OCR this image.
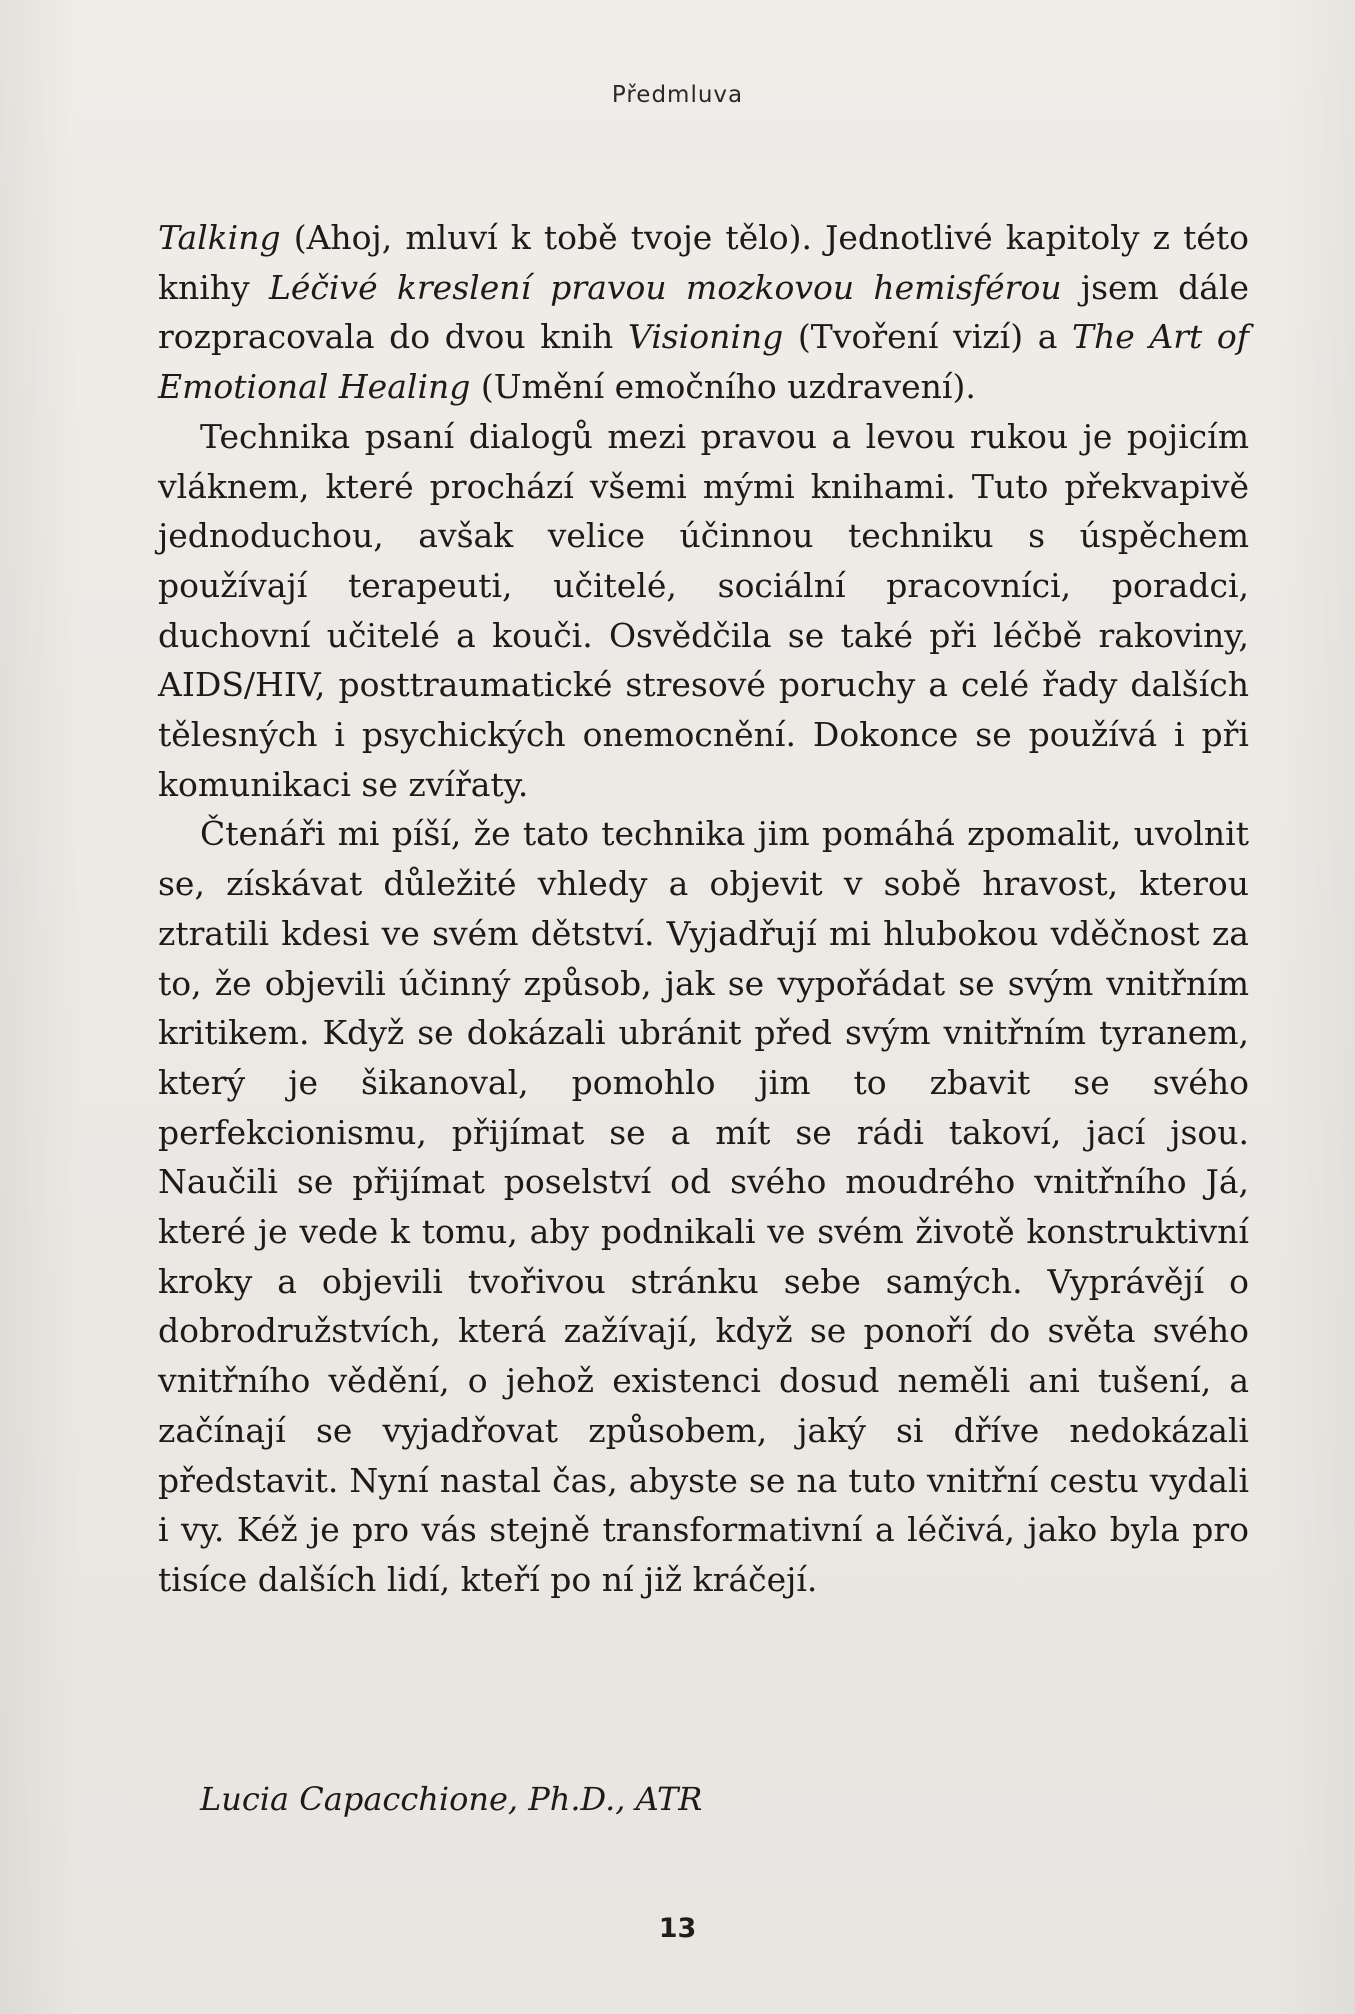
Předmluva

Talking (Ahoj, mluví k tobě tvoje tělo). Jednotlivé kapitoly z této knihy Léčivé kreslení pravou mozkovou hemisférou jsem dále rozpracovala do dvou knih Visioning (Tvoření vizí) a The Art of Emotional Healing (Umění emočního uzdravení).

Technika psaní dialogů mezi pravou a levou rukou je pojicím vláknem, které prochází všemi mými knihami. Tuto překvapivě jednoduchou, avšak velice účinnou techniku s úspěchem používají terapeuti, učitelé, sociální pracovníci, poradci, duchovní učitelé a kouči. Osvědčila se také při léčbě rakoviny, AIDS/HIV, posttraumatické stresové poruchy a celé řady dalších tělesných i psychických onemocnění. Dokonce se používá i při komunikaci se zvířaty.

Čtenáři mi píší, že tato technika jim pomáhá zpomalit, uvolnit se, získávat důležité vhledy a objevit v sobě hravost, kterou ztratili kdesi ve svém dětství. Vyjadřují mi hlubokou vděčnost za to, že objevili účinný způsob, jak se vypořádat se svým vnitřním kritikem. Když se dokázali ubránit před svým vnitřním tyranem, který je šikanoval, pomohlo jim to zbavit se svého perfekcionismu, přijímat se a mít se rádi takoví, jací jsou. Naučili se přijímat poselství od svého moudrého vnitřního Já, které je vede k tomu, aby podnikali ve svém životě konstruktivní kroky a objevili tvořivou stránku sebe samých. Vyprávějí o dobrodružstvích, která zažívají, když se ponoří do světa svého vnitřního vědění, o jehož existenci dosud neměli ani tušení, a začínají se vyjadřovat způsobem, jaký si dříve nedokázali představit. Nyní nastal čas, abyste se na tuto vnitřní cestu vydali i vy. Kéž je pro vás stejně transformativní a léčivá, jako byla pro tisíce dalších lidí, kteří po ní již kráčejí.

Lucia Capacchione, Ph.D., ATR
13
